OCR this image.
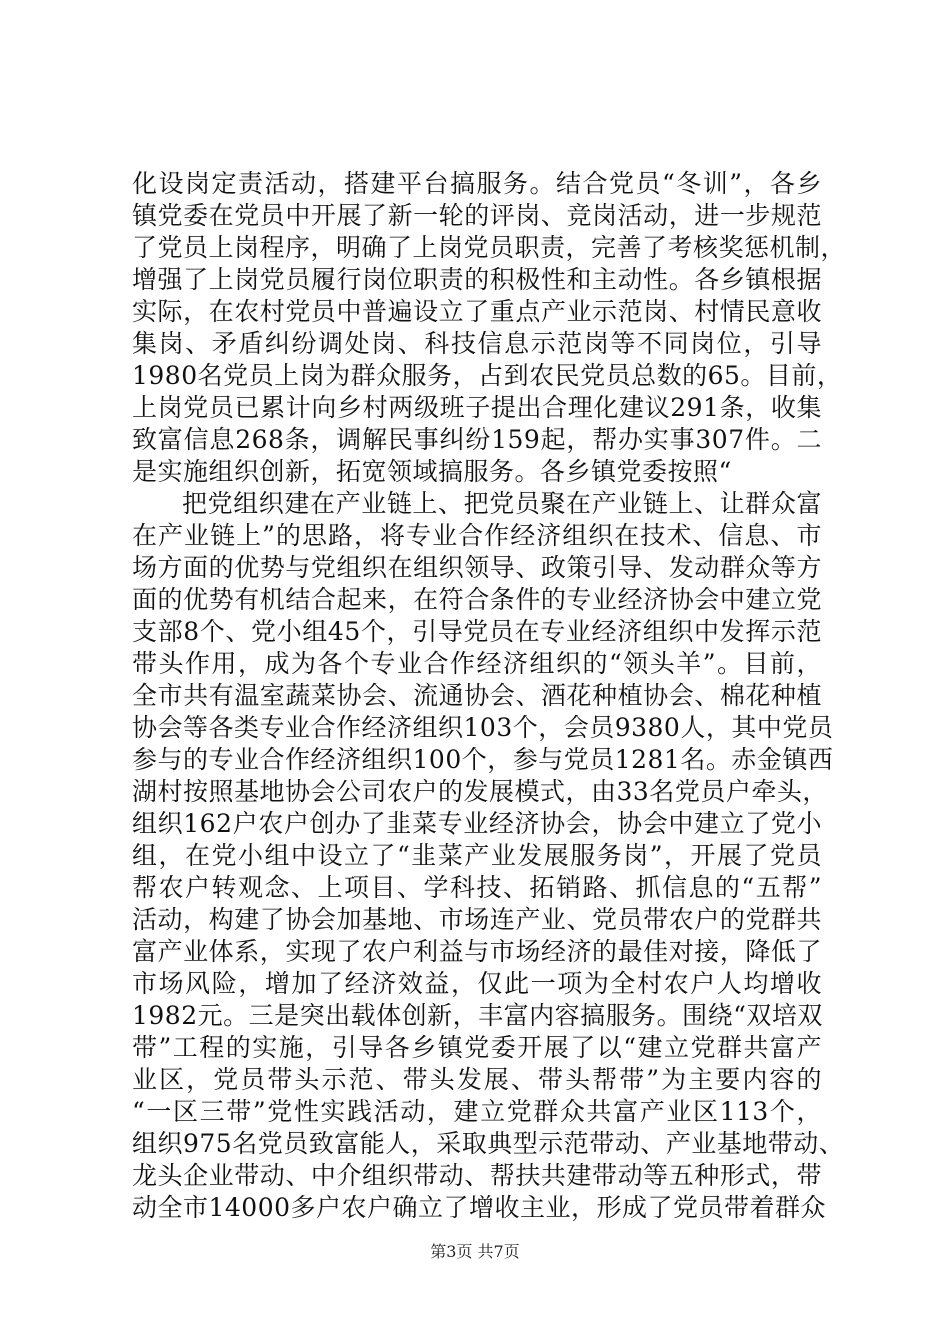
化设岗定责活动，搭建平台搞服务。结合党员“冬训”，各乡
镇党委在党员中开展了新一轮的评岗、竞岗活动，进一步规范
了党员上岗程序，明确了上岗党员职责，完善了考核奖惩机制，
增强了上岗党员履行岗位职责的积极性和主动性。各乡镇根据
实际，在农村党员中普遍设立了重点产业示范岗、村情民意收
集岗、矛盾纠纷调处岗、科技信息示范岗等不同岗位，引导
1980名党员上岗为群众服务，占到农民党员总数的65。目前，
上岗党员已累计向乡村两级班子提出合理化建议291条，收集
致富信息268条，调解民事纠纷159起，帮办实事307件。二
是实施组织创新，拓宽领域搞服务。各乡镇党委按照“
把党组织建在产业链上、把党员聚在产业链上、让群众富
在产业链上”的思路，将专业合作经济组织在技术、信息、市
场方面的优势与党组织在组织领导、政策引导、发动群众等方
面的优势有机结合起来，在符合条件的专业经济协会中建立党
支部8个、党小组45个，引导党员在专业经济组织中发挥示范
带头作用，成为各个专业合作经济组织的“领头羊”。目前，
全市共有温室蔬菜协会、流通协会、酒花种植协会、棉花种植
协会等各类专业合作经济组织103个，会员9380人，其中党员
参与的专业合作经济组织100个，参与党员1281名。赤金镇西
湖村按照基地协会公司农户的发展模式，由33名党员户牵头，
组织162户农户创办了韭菜专业经济协会，协会中建立了党小
组，在党小组中设立了“韭菜产业发展服务岗”，开展了党员
帮农户转观念、上项目、学科技、拓销路、抓信息的“五帮”
活动，构建了协会加基地、市场连产业、党员带农户的党群共
富产业体系，实现了农户利益与市场经济的最佳对接，降低了
市场风险，增加了经济效益，仅此一项为全村农户人均增收
1982元。三是突出载体创新，丰富内容搞服务。围绕“双培双
带”工程的实施，引导各乡镇党委开展了以“建立党群共富产
业区，党员带头示范、带头发展、带头帮带”为主要内容的
“一区三带”党性实践活动，建立党群众共富产业区113个，
组织975名党员致富能人，采取典型示范带动、产业基地带动、
龙头企业带动、中介组织带动、帮扶共建带动等五种形式，带
动全市14000多户农户确立了增收主业，形成了党员带着群众
第3页 共7页
